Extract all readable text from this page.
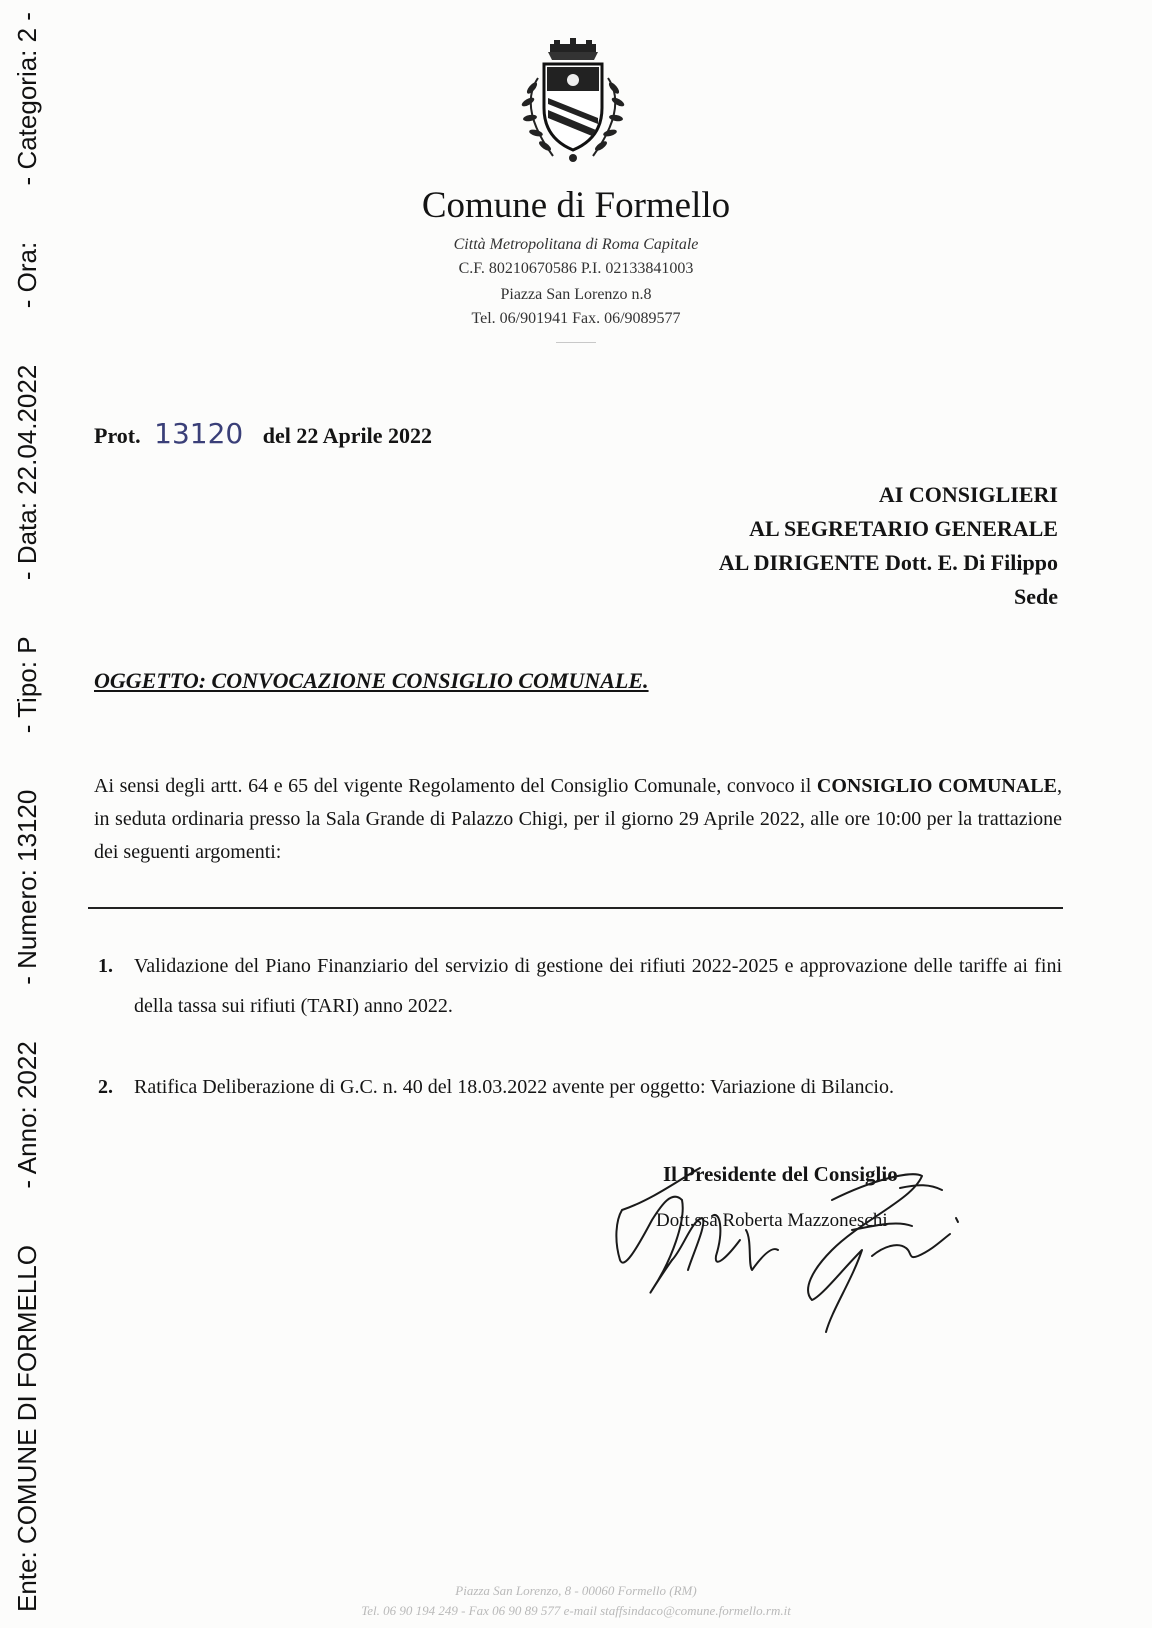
Ente: COMUNE DI FORMELLO
- Anno: 2022
- Numero: 13120
- Tipo: P
- Data: 22.04.2022
- Ora:
- Categoria: 2 -
Comune di Formello
Città Metropolitana di Roma Capitale
C.F. 80210670586 P.I. 02133841003
Piazza San Lorenzo n.8
Tel. 06/901941 Fax. 06/9089577
Prot. 13120 del 22 Aprile 2022
AI CONSIGLIERI
AL SEGRETARIO GENERALE
AL DIRIGENTE Dott. E. Di Filippo
Sede
OGGETTO: CONVOCAZIONE CONSIGLIO COMUNALE.
Ai sensi degli artt. 64 e 65 del vigente Regolamento del Consiglio Comunale, convoco il CONSIGLIO COMUNALE, in seduta ordinaria presso la Sala Grande di Palazzo Chigi, per il giorno 29 Aprile 2022, alle ore 10:00 per la trattazione dei seguenti argomenti:
1. Validazione del Piano Finanziario del servizio di gestione dei rifiuti 2022-2025 e approvazione delle tariffe ai fini della tassa sui rifiuti (TARI) anno 2022.
2. Ratifica Deliberazione di G.C. n. 40 del 18.03.2022 avente per oggetto: Variazione di Bilancio.
Il Presidente del Consiglio
Dott.ssa Roberta Mazzoneschi
Piazza San Lorenzo, 8 - 00060 Formello (RM)
Tel. 06 90 194 249 - Fax 06 90 89 577 e-mail staffsindaco@comune.formello.rm.it
